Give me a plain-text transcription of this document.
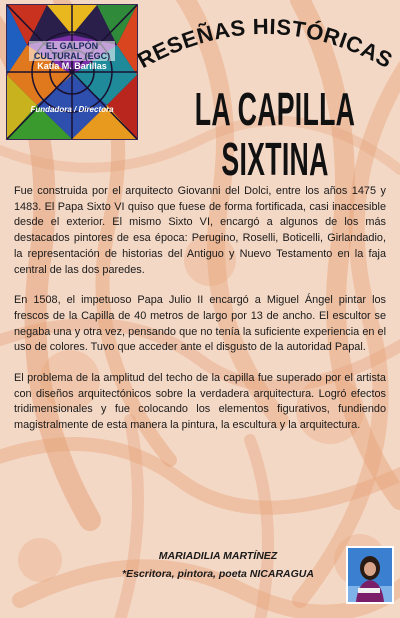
EL GALPÓN CULTURAL (EGC)
Katia M. Barillas
Fundadora / Directora
RESEÑAS HISTÓRICAS
LA CAPILLA SIXTINA

Fue construida por el arquitecto Giovanni del Dolci, entre los años 1475 y 1483. El Papa Sixto VI quiso que fuese de forma fortificada, casi inaccesible desde el exterior. El mismo Sixto VI, encargó a algunos de los más destacados pintores de esa época: Perugino, Roselli, Boticelli, Girlandadio, la representación de historias del Antiguo y Nuevo Testamento en la faja central de las dos paredes.

En 1508, el impetuoso Papa Julio II encargó a Miguel Ángel pintar los frescos de la Capilla de 40 metros de largo por 13 de ancho. El escultor se negaba una y otra vez, pensando que no tenía la suficiente experiencia en el uso de colores. Tuvo que acceder ante el disgusto de la autoridad Papal.

El problema de la amplitud del techo de la capilla fue superado por el artista con diseños arquitectónicos sobre la verdadera arquitectura. Logró efectos tridimensionales y fue colocando los elementos figurativos, fundiendo magistralmente de esta manera la pintura, la escultura y la arquitectura.

MARIADILIA MARTÍNEZ
*Escritora, pintora, poeta NICARAGUA
